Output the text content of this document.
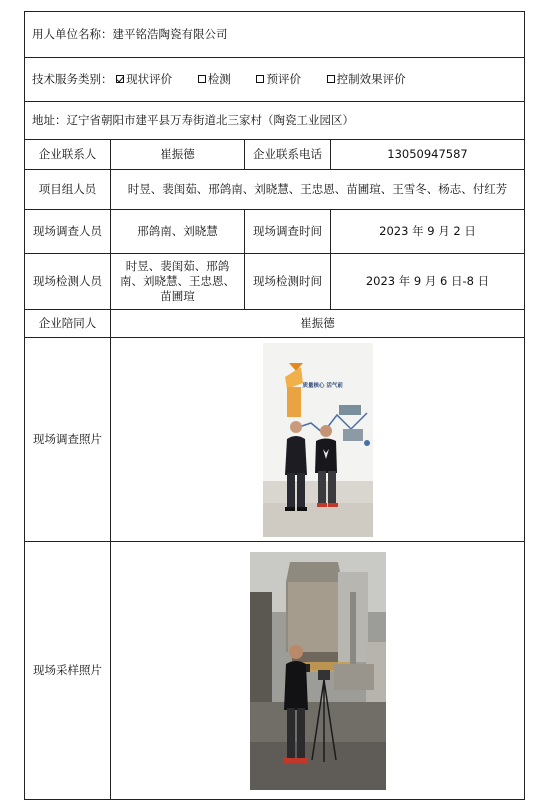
用人单位名称：建平铭浩陶瓷有限公司			
技术服务类别： 现状评价 检测 预评价 控制效果评价			
地址：辽宁省朝阳市建平县万寿街道北三家村（陶瓷工业园区）			
企业联系人	崔振德	企业联系电话	13050947587
项目组人员	时昱、裴闺茹、邢鸽南、刘晓慧、王忠恩、苗圃瑄、王雪冬、杨志、付红芳		
现场调查人员	邢鸽南、刘晓慧	现场调查时间	2023 年 9 月 2 日
现场检测人员	时昱、裴闺茹、邢鸽南、刘晓慧、王忠恩、苗圃瑄	现场检测时间	2023 年 9 月 6 日-8 日
企业陪同人	崔振德		
现场调查照片	质量核心 活气前		

现场采样照片	
